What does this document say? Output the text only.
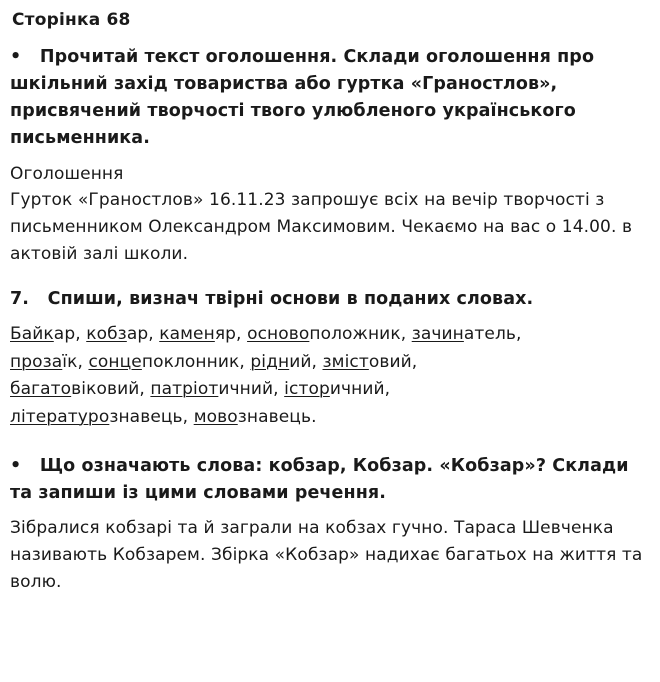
Сторінка 68

•   Прочитай текст оголошення. Склади оголошення про шкільний захід товариства або гуртка «Граностлов», присвячений творчості твого улюбленого українського письменника.

Оголошення

Гурток «Граностлов» 16.11.23 запрошує всіх на вечір творчості з письменником Олександром Максимовим. Чекаємо на вас о 14.00. в актовій залі школи.

7.   Спиши, визнач твірні основи в поданих словах.

Байкар, кобзар, каменяр, основоположник, зачинатель,
прозаїк, сонцепоклонник, рідний, змістовий,
багатовіковий, патріотичний, історичний,
літературознавець, мовознавець.

•   Що означають слова: кобзар, Кобзар. «Кобзар»? Склади та запиши із цими словами речення.

Зібралися кобзарі та й заграли на кобзах гучно. Тараса Шевченка називають Кобзарем. Збірка «Кобзар» надихає багатьох на життя та волю.
